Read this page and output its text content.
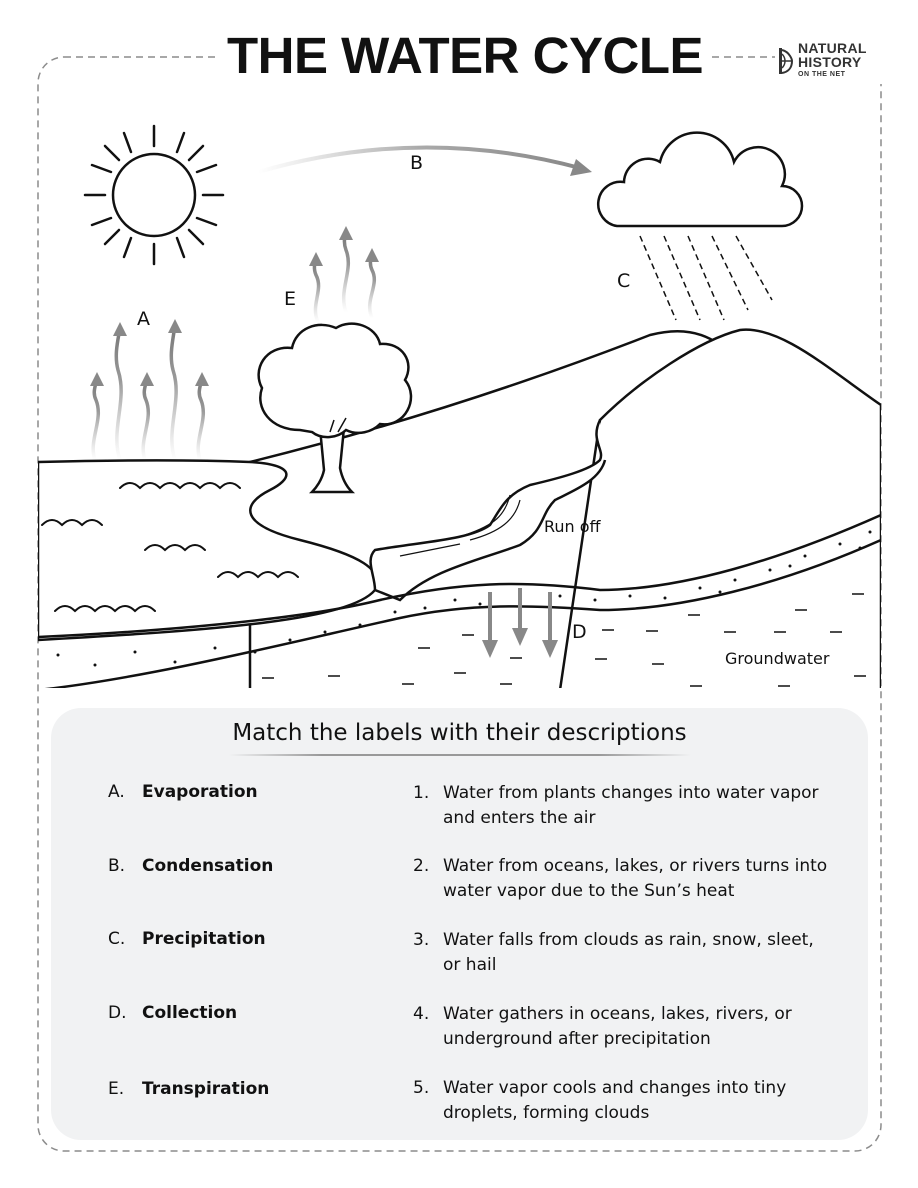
THE WATER CYCLE	NATURAL
HISTORY
ON THE NET
B
C
E
A
D
Run off
Groundwater
Match the labels with their descriptions
A. Evaporation
B. Condensation
C. Precipitation
D. Collection
E. Transpiration
1. Water from plants changes into water vapor and enters the air
2. Water from oceans, lakes, or rivers turns into water vapor due to the Sun’s heat
3. Water falls from clouds as rain, snow, sleet, or hail
4. Water gathers in oceans, lakes, rivers, or underground after precipitation
5. Water vapor cools and changes into tiny droplets, forming clouds
